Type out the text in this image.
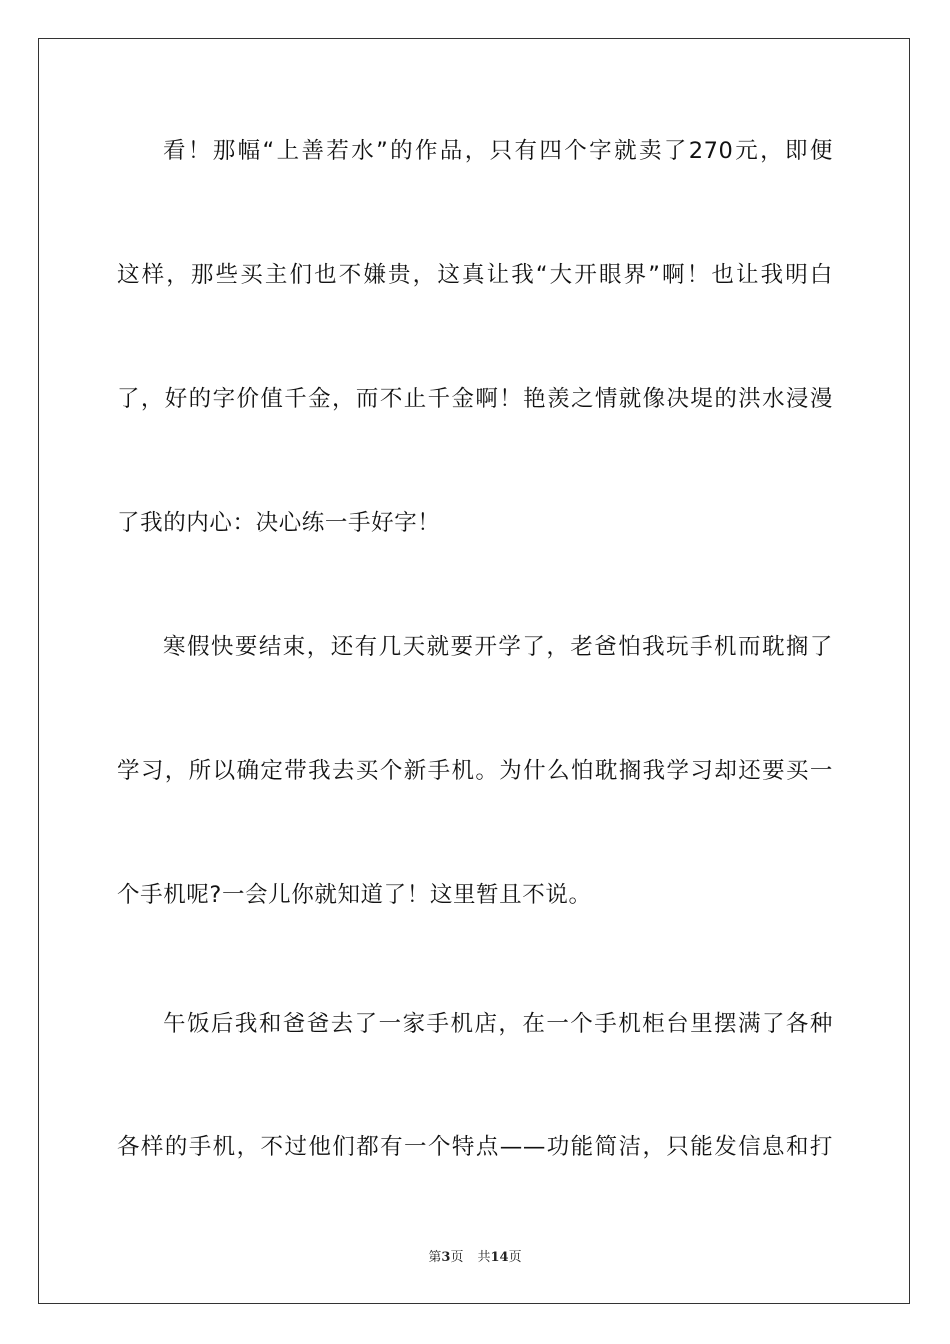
看！那幅“上善若水”的作品，只有四个字就卖了270元，即便
这样，那些买主们也不嫌贵，这真让我“大开眼界”啊！也让我明白
了，好的字价值千金，而不止千金啊！艳羡之情就像决堤的洪水浸漫
了我的内心：决心练一手好字！
寒假快要结束，还有几天就要开学了，老爸怕我玩手机而耽搁了
学习，所以确定带我去买个新手机。为什么怕耽搁我学习却还要买一
个手机呢?一会儿你就知道了！这里暂且不说。
午饭后我和爸爸去了一家手机店，在一个手机柜台里摆满了各种
各样的手机，不过他们都有一个特点——功能简洁，只能发信息和打
第3页 共14页
